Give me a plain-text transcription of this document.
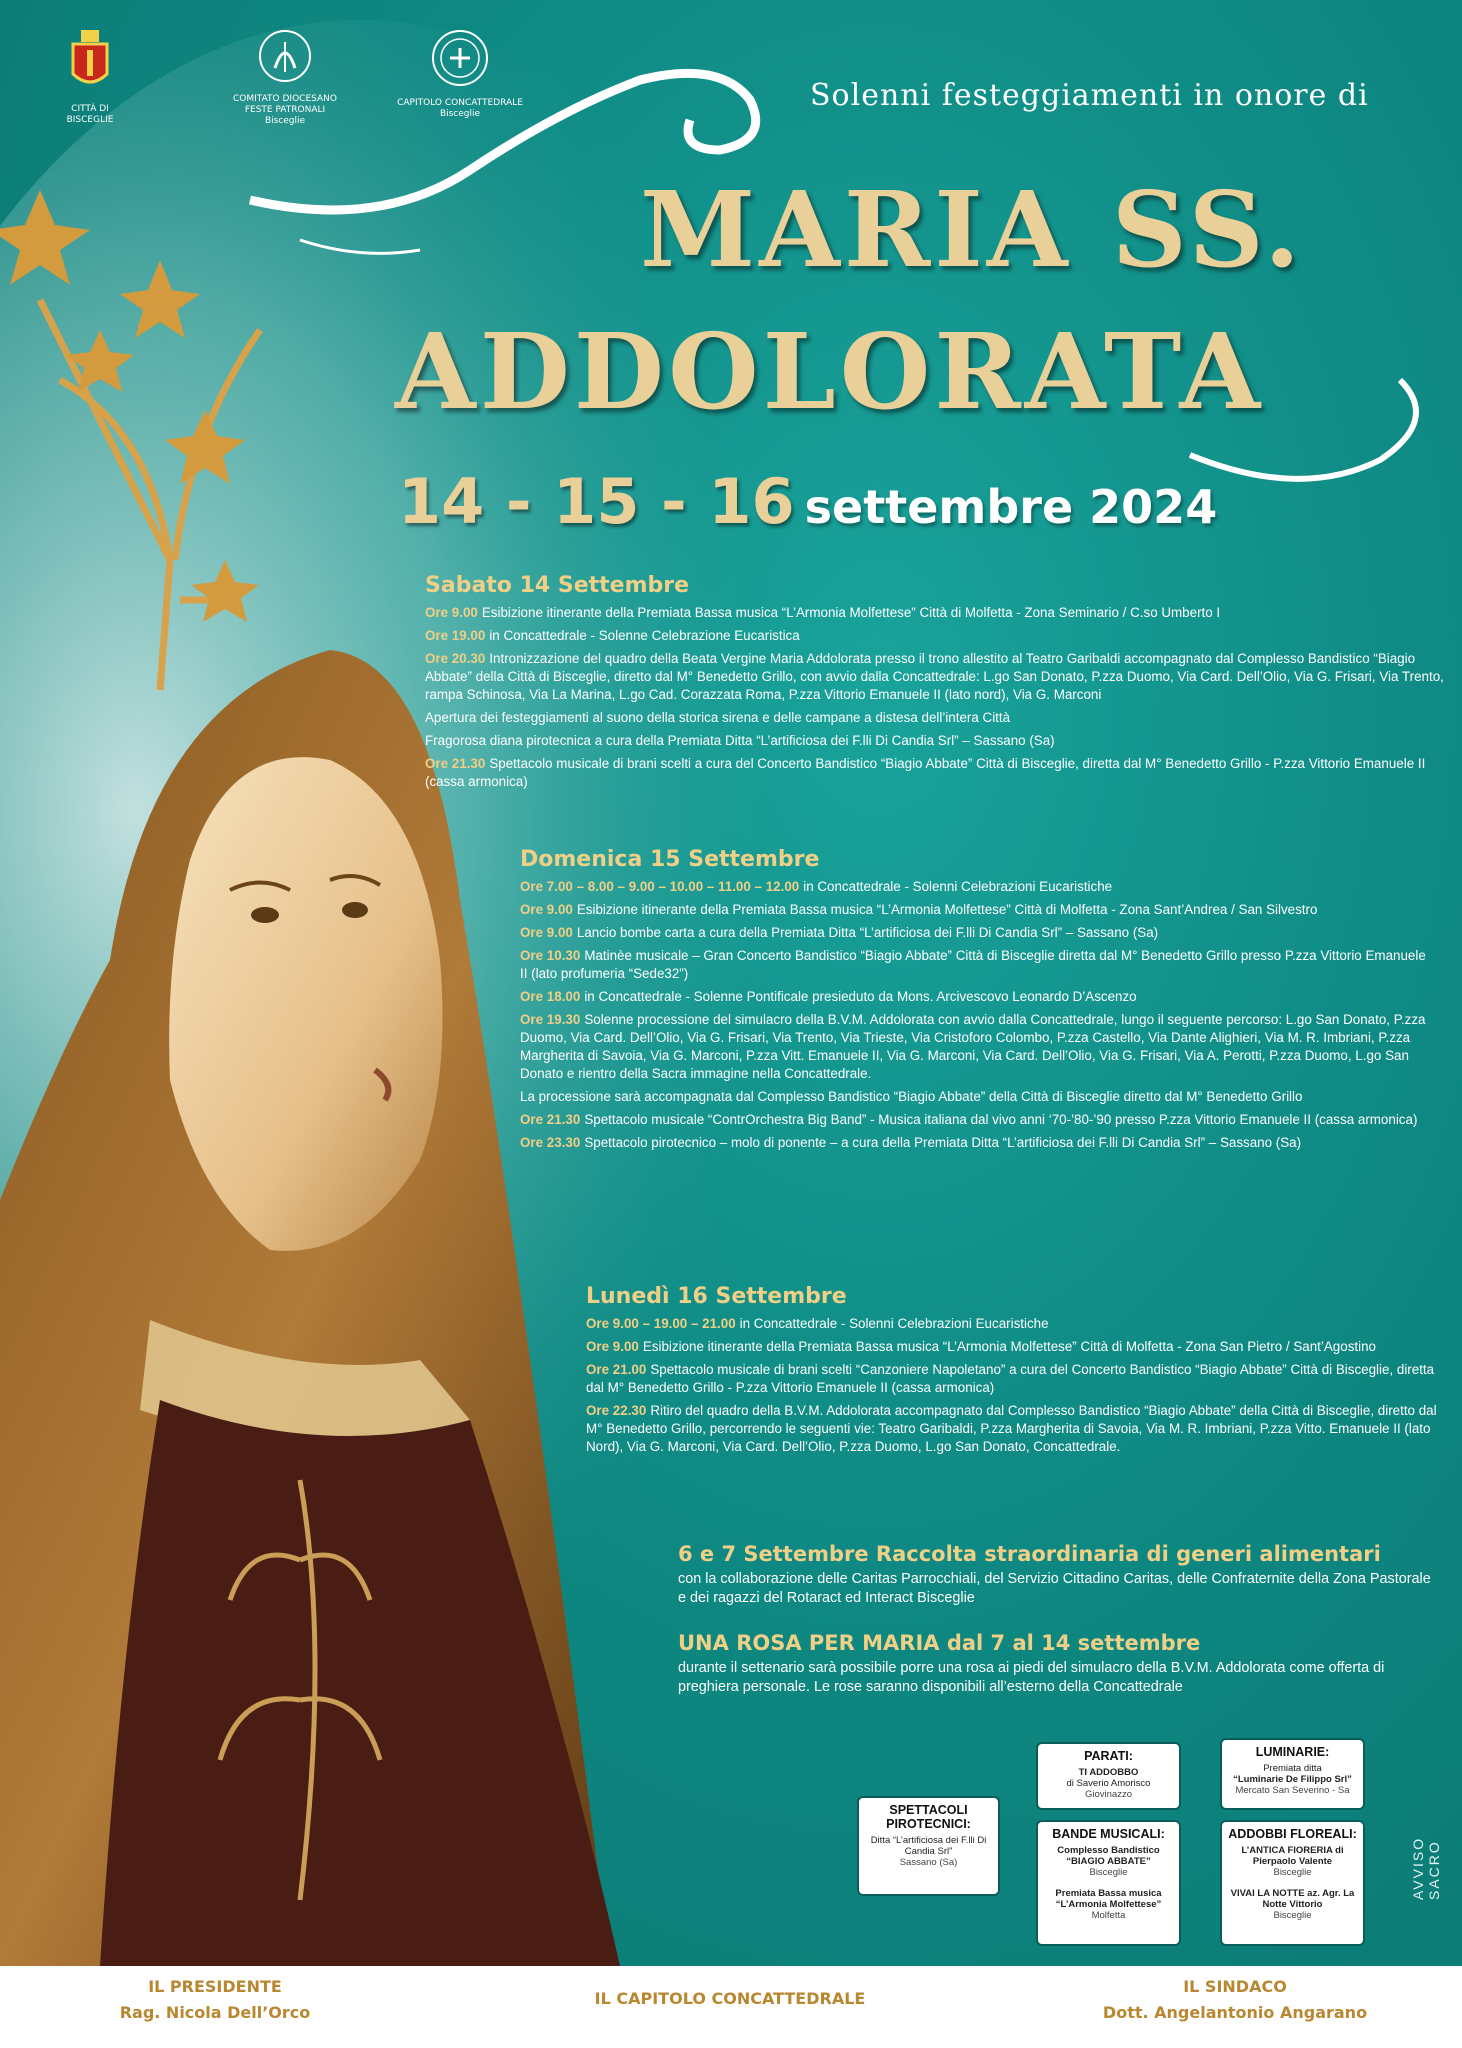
CITTÀ DI
BISCEGLIE
COMITATO DIOCESANO
FESTE PATRONALI
Bisceglie
CAPITOLO CONCATTEDRALE
Bisceglie
Solenni festeggiamenti in onore di
MARIA SS.
ADDOLORATA
14 - 15 - 16 settembre 2024
Sabato 14 Settembre
Ore 9.00 Esibizione itinerante della Premiata Bassa musica “L’Armonia Molfettese” Città di Molfetta - Zona Seminario / C.so Umberto I
Ore 19.00 in Concattedrale - Solenne Celebrazione Eucaristica
Ore 20.30 Intronizzazione del quadro della Beata Vergine Maria Addolorata presso il trono allestito al Teatro Garibaldi accompagnato dal Complesso Bandistico “Biagio Abbate” della Città di Bisceglie, diretto dal M° Benedetto Grillo, con avvio dalla Concattedrale: L.go San Donato, P.zza Duomo, Via Card. Dell’Olio, Via G. Frisari, Via Trento, rampa Schinosa, Via La Marina, L.go Cad. Corazzata Roma, P.zza Vittorio Emanuele II (lato nord), Via G. Marconi
Apertura dei festeggiamenti al suono della storica sirena e delle campane a distesa dell’intera Città
Fragorosa diana pirotecnica a cura della Premiata Ditta “L’artificiosa dei F.lli Di Candia Srl” – Sassano (Sa)
Ore 21.30 Spettacolo musicale di brani scelti a cura del Concerto Bandistico “Biagio Abbate” Città di Bisceglie, diretta dal M° Benedetto Grillo - P.zza Vittorio Emanuele II (cassa armonica)
Domenica 15 Settembre
Ore 7.00 – 8.00 – 9.00 – 10.00 – 11.00 – 12.00 in Concattedrale - Solenni Celebrazioni Eucaristiche
Ore 9.00 Esibizione itinerante della Premiata Bassa musica “L’Armonia Molfettese” Città di Molfetta - Zona Sant’Andrea / San Silvestro
Ore 9.00 Lancio bombe carta a cura della Premiata Ditta “L’artificiosa dei F.lli Di Candia Srl” – Sassano (Sa)
Ore 10.30 Matinèe musicale – Gran Concerto Bandistico “Biagio Abbate” Città di Bisceglie diretta dal M° Benedetto Grillo presso P.zza Vittorio Emanuele II (lato profumeria “Sede32”)
Ore 18.00 in Concattedrale - Solenne Pontificale presieduto da Mons. Arcivescovo Leonardo D’Ascenzo
Ore 19.30 Solenne processione del simulacro della B.V.M. Addolorata con avvio dalla Concattedrale, lungo il seguente percorso: L.go San Donato, P.zza Duomo, Via Card. Dell’Olio, Via G. Frisari, Via Trento, Via Trieste, Via Cristoforo Colombo, P.zza Castello, Via Dante Alighieri, Via M. R. Imbriani, P.zza Margherita di Savoia, Via G. Marconi, P.zza Vitt. Emanuele II, Via G. Marconi, Via Card. Dell’Olio, Via G. Frisari, Via A. Perotti, P.zza Duomo, L.go San Donato e rientro della Sacra immagine nella Concattedrale.
La processione sarà accompagnata dal Complesso Bandistico “Biagio Abbate” della Città di Bisceglie diretto dal M° Benedetto Grillo
Ore 21.30 Spettacolo musicale “ContrOrchestra Big Band” - Musica italiana dal vivo anni ‘70-’80-’90 presso P.zza Vittorio Emanuele II (cassa armonica)
Ore 23.30 Spettacolo pirotecnico – molo di ponente – a cura della Premiata Ditta “L’artificiosa dei F.lli Di Candia Srl” – Sassano (Sa)
Lunedì 16 Settembre
Ore 9.00 – 19.00 – 21.00 in Concattedrale - Solenni Celebrazioni Eucaristiche
Ore 9.00 Esibizione itinerante della Premiata Bassa musica “L’Armonia Molfettese” Città di Molfetta - Zona San Pietro / Sant’Agostino
Ore 21.00 Spettacolo musicale di brani scelti “Canzoniere Napoletano” a cura del Concerto Bandistico “Biagio Abbate” Città di Bisceglie, diretta dal M° Benedetto Grillo - P.zza Vittorio Emanuele II (cassa armonica)
Ore 22.30 Ritiro del quadro della B.V.M. Addolorata accompagnato dal Complesso Bandistico “Biagio Abbate” della Città di Bisceglie, diretto dal M° Benedetto Grillo, percorrendo le seguenti vie: Teatro Garibaldi, P.zza Margherita di Savoia, Via M. R. Imbriani, P.zza Vitto. Emanuele II (lato Nord), Via G. Marconi, Via Card. Dell’Olio, P.zza Duomo, L.go San Donato, Concattedrale.
6 e 7 Settembre Raccolta straordinaria di generi alimentari

con la collaborazione delle Caritas Parrocchiali, del Servizio Cittadino Caritas, delle Confraternite della Zona Pastorale e dei ragazzi del Rotaract ed Interact Bisceglie

UNA ROSA PER MARIA dal 7 al 14 settembre

durante il settenario sarà possibile porre una rosa ai piedi del simulacro della B.V.M. Addolorata come offerta di preghiera personale. Le rose saranno disponibili all’esterno della Concattedrale

SPETTACOLI PIROTECNICI:
Ditta “L’artificiosa dei F.lli Di Candia Srl”
Sassano (Sa)
PARATI:
TI ADDOBBO
di Saverio Amorisco
Giovinazzo
LUMINARIE:
Premiata ditta
“Luminarie De Filippo Srl”
Mercato San Severino - Sa
BANDE MUSICALI:
Complesso Bandistico “BIAGIO ABBATE”
Bisceglie
Premiata Bassa musica “L’Armonia Molfettese”
Molfetta
ADDOBBI FLOREALI:
L’ANTICA FIORERIA di Pierpaolo Valente
Bisceglie
VIVAI LA NOTTE az. Agr. La Notte Vittorio
Bisceglie
AVVISO SACRO
IL PRESIDENTE
Rag. Nicola Dell’Orco
IL CAPITOLO CONCATTEDRALE
IL SINDACO
Dott. Angelantonio Angarano
